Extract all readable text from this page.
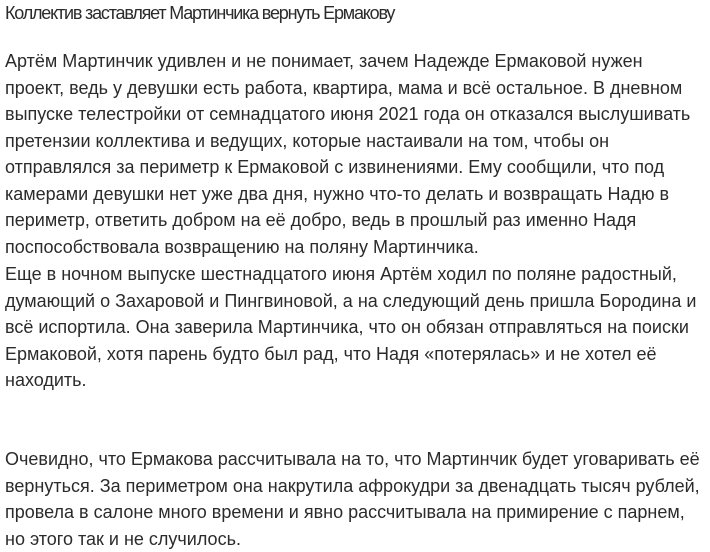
Коллектив заставляет Мартинчика вернуть Ермакову

Артём Мартинчик удивлен и не понимает, зачем Надежде Ермаковой нужен
проект, ведь у девушки есть работа, квартира, мама и всё остальное. В дневном
выпуске телестройки от семнадцатого июня 2021 года он отказался выслушивать
претензии коллектива и ведущих, которые настаивали на том, чтобы он
отправлялся за периметр к Ермаковой с извинениями. Ему сообщили, что под
камерами девушки нет уже два дня, нужно что-то делать и возвращать Надю в
периметр, ответить добром на её добро, ведь в прошлый раз именно Надя
поспособствовала возвращению на поляну Мартинчика.

Еще в ночном выпуске шестнадцатого июня Артём ходил по поляне радостный,
думающий о Захаровой и Пингвиновой, а на следующий день пришла Бородина и
всё испортила. Она заверила Мартинчика, что он обязан отправляться на поиски
Ермаковой, хотя парень будто был рад, что Надя «потерялась» и не хотел её
находить.

Очевидно, что Ермакова рассчитывала на то, что Мартинчик будет уговаривать её
вернуться. За периметром она накрутила афрокудри за двенадцать тысяч рублей,
провела в салоне много времени и явно рассчитывала на примирение с парнем,
но этого так и не случилось.
